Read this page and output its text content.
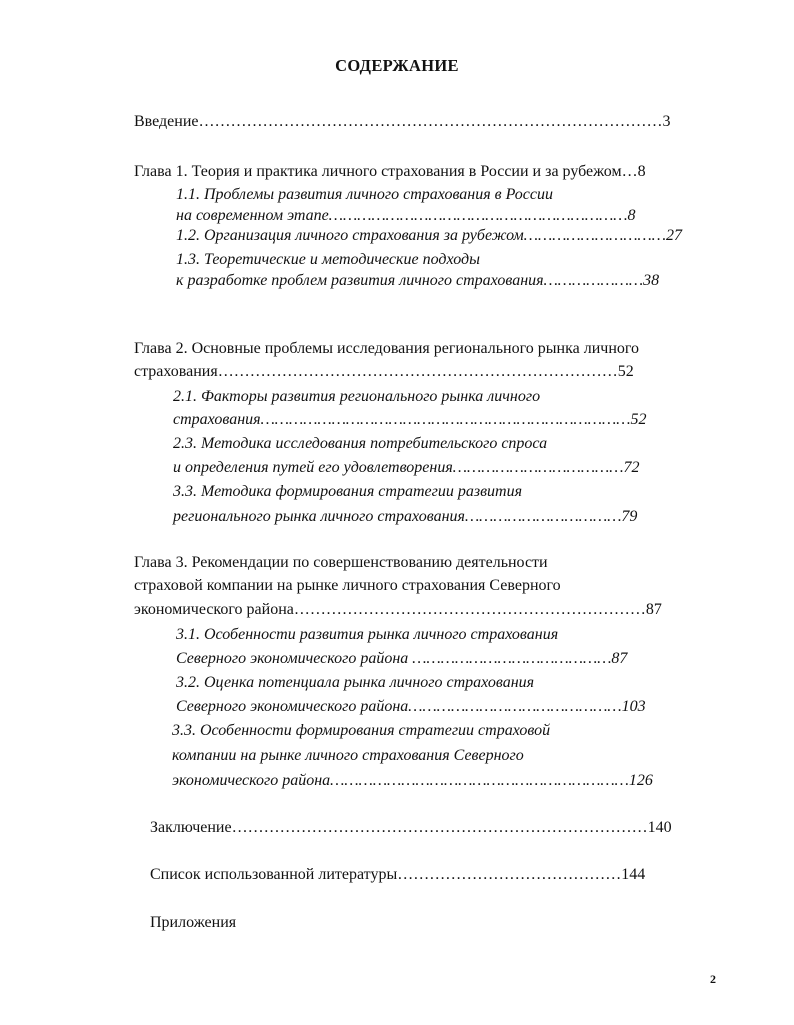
СОДЕРЖАНИЕ
Введение……………………………………………………………………………3
Глава 1. Теория и практика личного страхования в России и за рубежом…8
1.1. Проблемы развития личного страхования в России
на современном этапе………………………………………………………8
1.2. Организация личного страхования за рубежом…………………………27
1.3. Теоретические и методические подходы
к разработке проблем развития личного страхования…………………38
Глава 2. Основные проблемы исследования регионального рынка личного
страхования…………………………………………………………………52
2.1. Факторы развития регионального рынка личного
страхования……………………………………………………………………52
2.3. Методика исследования потребительского спроса
и определения путей его удовлетворения………………………………72
3.3. Методика формирования стратегии развития
регионального рынка личного страхования……………………………79
Глава 3. Рекомендации по совершенствованию деятельности
страховой компании на рынке личного страхования Северного
экономического района…………………………………………………………87
3.1. Особенности развития рынка личного страхования
Северного экономического района ……………………………………87
3.2. Оценка потенциала рынка личного страхования
Северного экономического района………………………………………103
3.3. Особенности формирования стратегии страховой
компании на рынке личного страхования Северного
экономического района………………………………………………………126
Заключение……………………………………………………………………140
Список использованной литературы……………………………………144
Приложения
2
